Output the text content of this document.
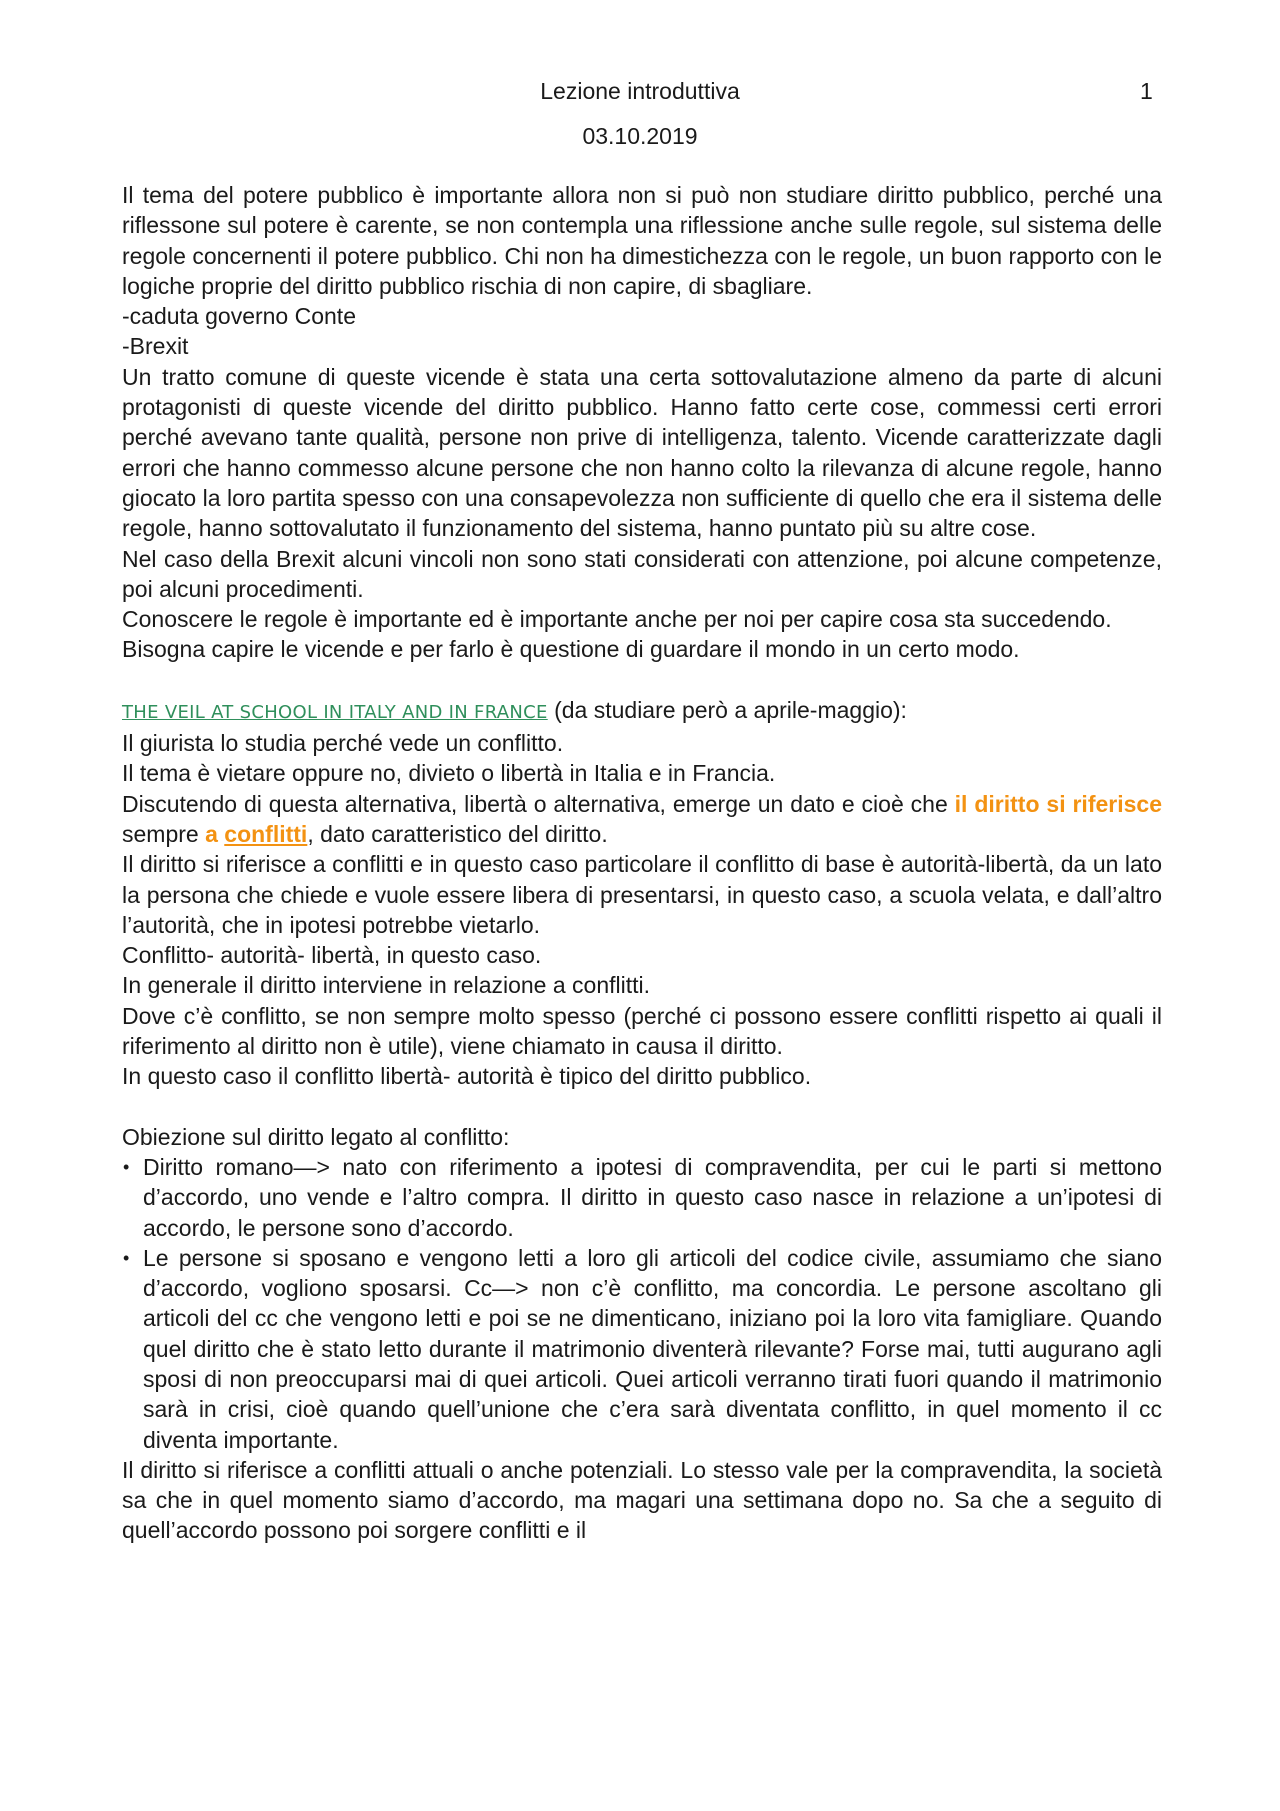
Lezione introduttiva	1
03.10.2019

Il tema del potere pubblico è importante allora non si può non studiare diritto pubblico, perché una riflessone sul potere è carente, se non contempla una riflessione anche sulle regole, sul sistema delle regole concernenti il potere pubblico. Chi non ha dimestichezza con le regole, un buon rapporto con le logiche proprie del diritto pubblico rischia di non capire, di sbagliare.

-caduta governo Conte

-Brexit

Un tratto comune di queste vicende è stata una certa sottovalutazione almeno da parte di alcuni protagonisti di queste vicende del diritto pubblico. Hanno fatto certe cose, commessi certi errori perché avevano tante qualità, persone non prive di intelligenza, talento. Vicende caratterizzate dagli errori che hanno commesso alcune persone che non hanno colto la rilevanza di alcune regole, hanno giocato la loro partita spesso con una consapevolezza non sufficiente di quello che era il sistema delle regole, hanno sottovalutato il funzionamento del sistema, hanno puntato più su altre cose.

Nel caso della Brexit alcuni vincoli non sono stati considerati con attenzione, poi alcune competenze, poi alcuni procedimenti.

Conoscere le regole è importante ed è importante anche per noi per capire cosa sta succedendo.

Bisogna capire le vicende e per farlo è questione di guardare il mondo in un certo modo.

THE VEIL AT SCHOOL IN ITALY AND IN FRANCE (da studiare però a aprile-maggio):

Il giurista lo studia perché vede un conflitto.

Il tema è vietare oppure no, divieto o libertà in Italia e in Francia.

Discutendo di questa alternativa, libertà o alternativa, emerge un dato e cioè che il diritto si riferisce sempre a conflitti, dato caratteristico del diritto.

Il diritto si riferisce a conflitti e in questo caso particolare il conflitto di base è autorità-libertà, da un lato la persona che chiede e vuole essere libera di presentarsi, in questo caso, a scuola velata, e dall’altro l’autorità, che in ipotesi potrebbe vietarlo.

Conflitto- autorità- libertà, in questo caso.

In generale il diritto interviene in relazione a conflitti.

Dove c’è conflitto, se non sempre molto spesso (perché ci possono essere conflitti rispetto ai quali il riferimento al diritto non è utile), viene chiamato in causa il diritto.

In questo caso il conflitto libertà- autorità è tipico del diritto pubblico.

Obiezione sul diritto legato al conflitto:

• Diritto romano—> nato con riferimento a ipotesi di compravendita, per cui le parti si mettono d’accordo, uno vende e l’altro compra. Il diritto in questo caso nasce in relazione a un’ipotesi di accordo, le persone sono d’accordo.
• Le persone si sposano e vengono letti a loro gli articoli del codice civile, assumiamo che siano d’accordo, vogliono sposarsi. Cc—> non c’è conflitto, ma concordia. Le persone ascoltano gli articoli del cc che vengono letti e poi se ne dimenticano, iniziano poi la loro vita famigliare. Quando quel diritto che è stato letto durante il matrimonio diventerà rilevante? Forse mai, tutti augurano agli sposi di non preoccuparsi mai di quei articoli. Quei articoli verranno tirati fuori quando il matrimonio sarà in crisi, cioè quando quell’unione che c’era sarà diventata conflitto, in quel momento il cc diventa importante.

Il diritto si riferisce a conflitti attuali o anche potenziali. Lo stesso vale per la compravendita, la società sa che in quel momento siamo d’accordo, ma magari una settimana dopo no. Sa che a seguito di quell’accordo possono poi sorgere conflitti e il
